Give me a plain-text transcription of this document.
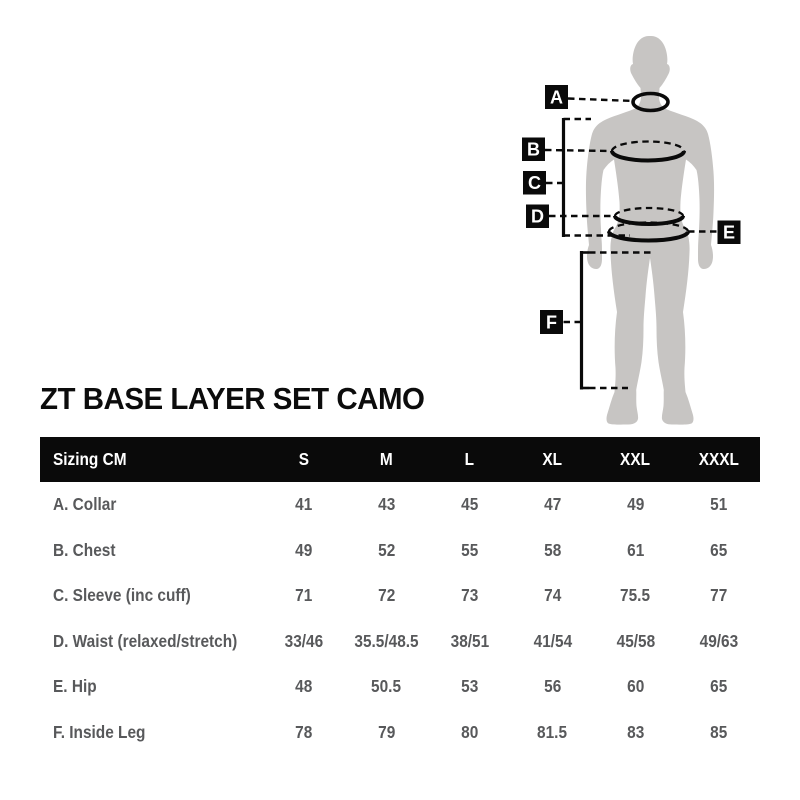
A
B
C
D
E
F
ZT BASE LAYER SET CAMO
Sizing CM	S	M	L	XL	XXL	XXXL
A. Collar	41	43	45	47	49	51
B. Chest	49	52	55	58	61	65
C. Sleeve (inc cuff)	71	72	73	74	75.5	77
D. Waist (relaxed/stretch)	33/46	35.5/48.5	38/51	41/54	45/58	49/63
E. Hip	48	50.5	53	56	60	65
F. Inside Leg	78	79	80	81.5	83	85
